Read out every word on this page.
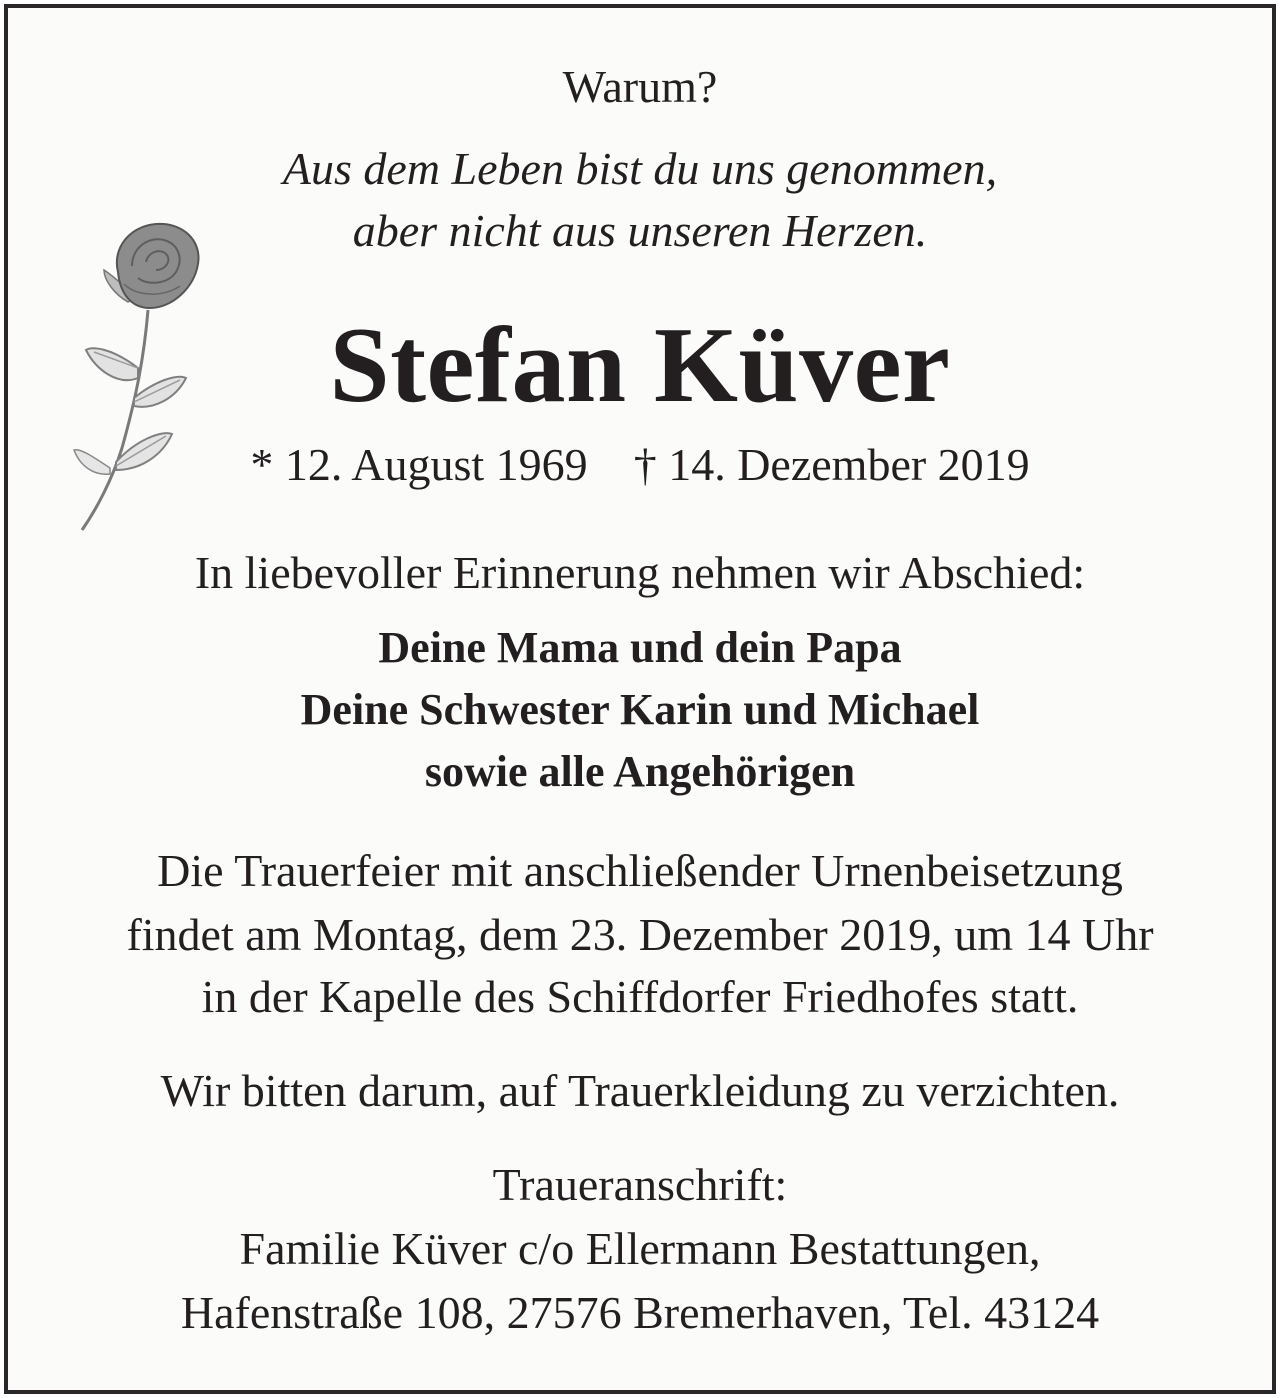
Warum?
Aus dem Leben bist du uns genommen,
aber nicht aus unseren Herzen.
Stefan Küver
* 12. August 1969 † 14. Dezember 2019
In liebevoller Erinnerung nehmen wir Abschied:
Deine Mama und dein Papa
Deine Schwester Karin und Michael
sowie alle Angehörigen
Die Trauerfeier mit anschließender Urnenbeisetzung
findet am Montag, dem 23. Dezember 2019, um 14 Uhr
in der Kapelle des Schiffdorfer Friedhofes statt.
Wir bitten darum, auf Trauerkleidung zu verzichten.
Traueranschrift:
Familie Küver c/o Ellermann Bestattungen,
Hafenstraße 108, 27576 Bremerhaven, Tel. 43124
